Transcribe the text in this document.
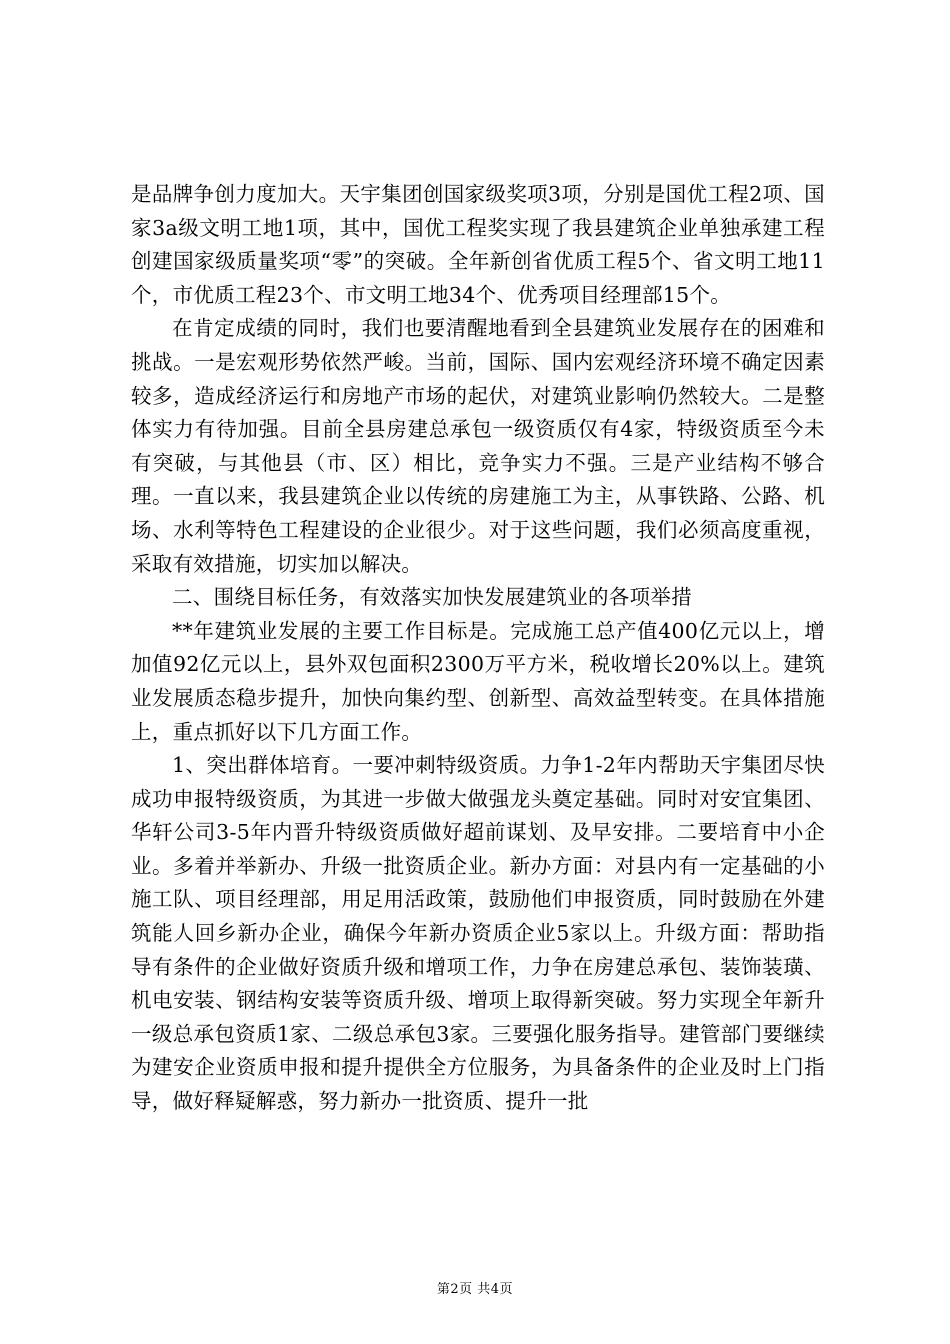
是品牌争创力度加大。天宇集团创国家级奖项3项，分别是国优工程2项、国家3a级文明工地1项，其中，国优工程奖实现了我县建筑企业单独承建工程创建国家级质量奖项“零”的突破。全年新创省优质工程5个、省文明工地11个，市优质工程23个、市文明工地34个、优秀项目经理部15个。

在肯定成绩的同时，我们也要清醒地看到全县建筑业发展存在的困难和挑战。一是宏观形势依然严峻。当前，国际、国内宏观经济环境不确定因素较多，造成经济运行和房地产市场的起伏，对建筑业影响仍然较大。二是整体实力有待加强。目前全县房建总承包一级资质仅有4家，特级资质至今未有突破，与其他县（市、区）相比，竞争实力不强。三是产业结构不够合理。一直以来，我县建筑企业以传统的房建施工为主，从事铁路、公路、机场、水利等特色工程建设的企业很少。对于这些问题，我们必须高度重视，采取有效措施，切实加以解决。

二、围绕目标任务，有效落实加快发展建筑业的各项举措

**年建筑业发展的主要工作目标是。完成施工总产值400亿元以上，增加值92亿元以上，县外双包面积2300万平方米，税收增长20%以上。建筑业发展质态稳步提升，加快向集约型、创新型、高效益型转变。在具体措施上，重点抓好以下几方面工作。

1、突出群体培育。一要冲刺特级资质。力争1-2年内帮助天宇集团尽快成功申报特级资质，为其进一步做大做强龙头奠定基础。同时对安宜集团、华轩公司3-5年内晋升特级资质做好超前谋划、及早安排。二要培育中小企业。多着并举新办、升级一批资质企业。新办方面：对县内有一定基础的小施工队、项目经理部，用足用活政策，鼓励他们申报资质，同时鼓励在外建筑能人回乡新办企业，确保今年新办资质企业5家以上。升级方面：帮助指导有条件的企业做好资质升级和增项工作，力争在房建总承包、装饰装璜、机电安装、钢结构安装等资质升级、增项上取得新突破。努力实现全年新升一级总承包资质1家、二级总承包3家。三要强化服务指导。建管部门要继续为建安企业资质申报和提升提供全方位服务，为具备条件的企业及时上门指导，做好释疑解惑，努力新办一批资质、提升一批

第2页 共4页
